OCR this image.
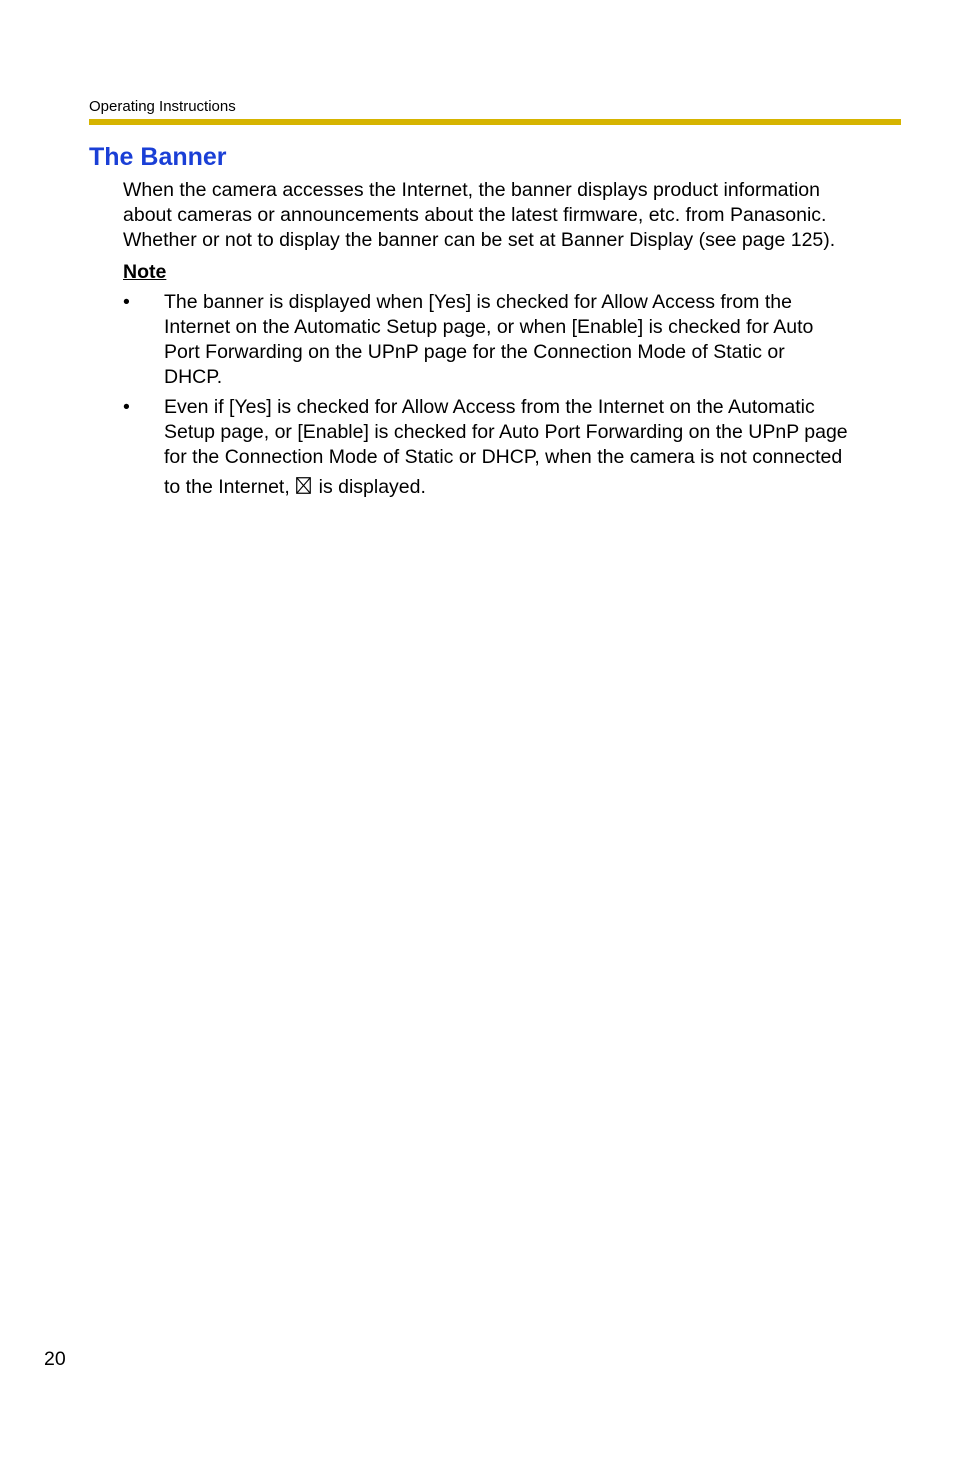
Operating Instructions
The Banner

When the camera accesses the Internet, the banner displays product information
about cameras or announcements about the latest firmware, etc. from Panasonic.
Whether or not to display the banner can be set at Banner Display (see page 125).

Note

• The banner is displayed when [Yes] is checked for Allow Access from the
Internet on the Automatic Setup page, or when [Enable] is checked for Auto
Port Forwarding on the UPnP page for the Connection Mode of Static or
DHCP.
• Even if [Yes] is checked for Allow Access from the Internet on the Automatic
Setup page, or [Enable] is checked for Auto Port Forwarding on the UPnP page
for the Connection Mode of Static or DHCP, when the camera is not connected
to the Internet, is displayed.
20
